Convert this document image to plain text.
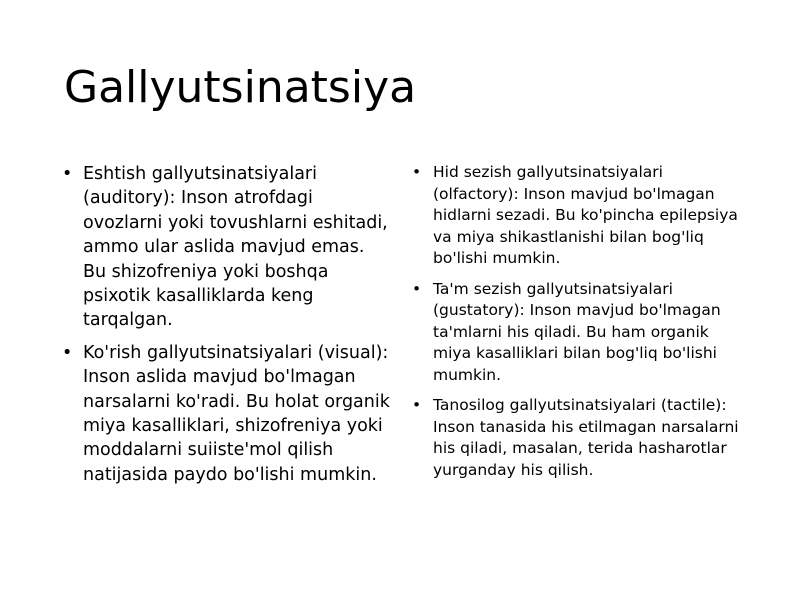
Gallyutsinatsiya
• Eshtish gallyutsinatsiyalari (auditory): Inson atrofdagi ovozlarni yoki tovushlarni eshitadi, ammo ular aslida mavjud emas. Bu shizofreniya yoki boshqa psixotik kasalliklarda keng tarqalgan.
• Ko'rish gallyutsinatsiyalari (visual): Inson aslida mavjud bo'lmagan narsalarni ko'radi. Bu holat organik miya kasalliklari, shizofreniya yoki moddalarni suiiste'mol qilish natijasida paydo bo'lishi mumkin.
• Hid sezish gallyutsinatsiyalari (olfactory): Inson mavjud bo'lmagan hidlarni sezadi. Bu ko'pincha epilepsiya va miya shikastlanishi bilan bog'liq bo'lishi mumkin.
• Ta'm sezish gallyutsinatsiyalari (gustatory): Inson mavjud bo'lmagan ta'mlarni his qiladi. Bu ham organik miya kasalliklari bilan bog'liq bo'lishi mumkin.
• Tanosilog gallyutsinatsiyalari (tactile): Inson tanasida his etilmagan narsalarni his qiladi, masalan, terida hasharotlar yurganday his qilish.
